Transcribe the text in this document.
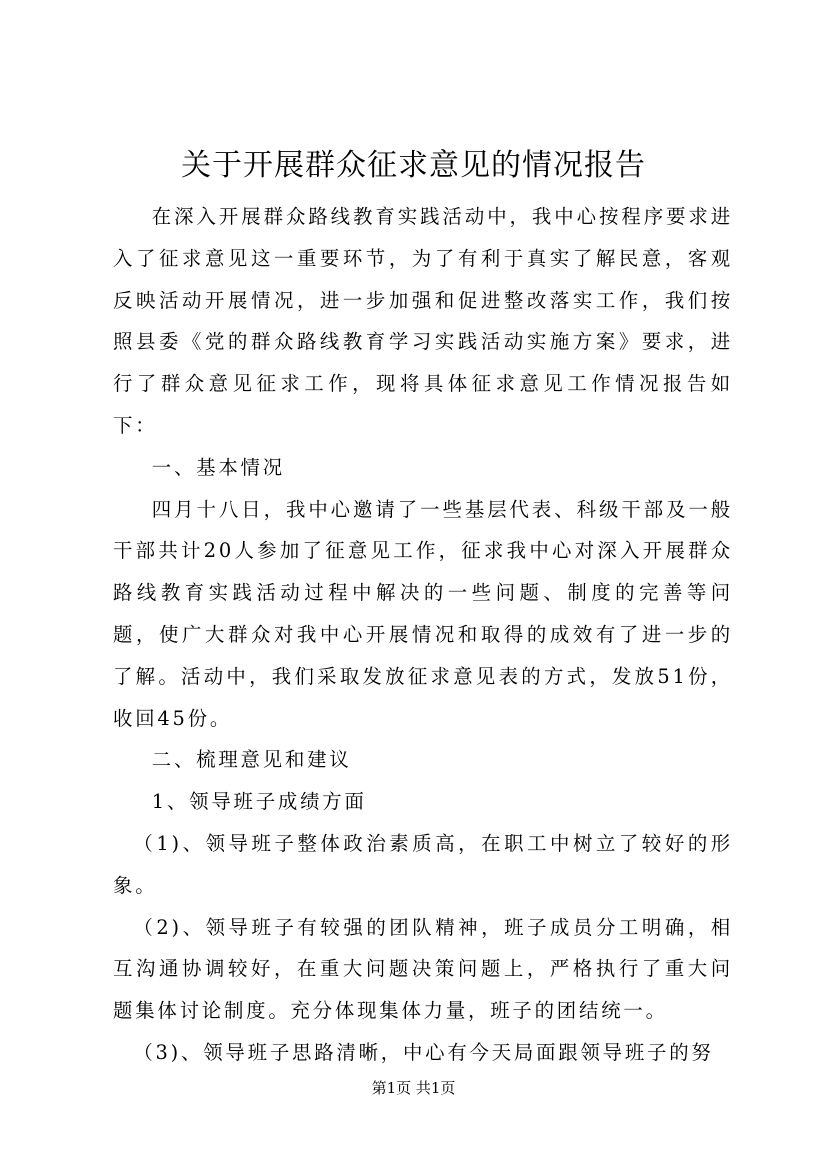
关于开展群众征求意见的情况报告

在深入开展群众路线教育实践活动中，我中心按程序要求进入了征求意见这一重要环节，为了有利于真实了解民意，客观反映活动开展情况，进一步加强和促进整改落实工作，我们按照县委《党的群众路线教育学习实践活动实施方案》要求，进行了群众意见征求工作，现将具体征求意见工作情况报告如下：

一、基本情况

四月十八日，我中心邀请了一些基层代表、科级干部及一般干部共计20人参加了征意见工作，征求我中心对深入开展群众路线教育实践活动过程中解决的一些问题、制度的完善等问题，使广大群众对我中心开展情况和取得的成效有了进一步的了解。活动中，我们采取发放征求意见表的方式，发放51份，收回45份。

二、梳理意见和建议

1、领导班子成绩方面

（1)、领导班子整体政治素质高，在职工中树立了较好的形象。

（2)、领导班子有较强的团队精神，班子成员分工明确，相互沟通协调较好，在重大问题决策问题上，严格执行了重大问题集体讨论制度。充分体现集体力量，班子的团结统一。

（3)、领导班子思路清晰，中心有今天局面跟领导班子的努

第1页 共1页
